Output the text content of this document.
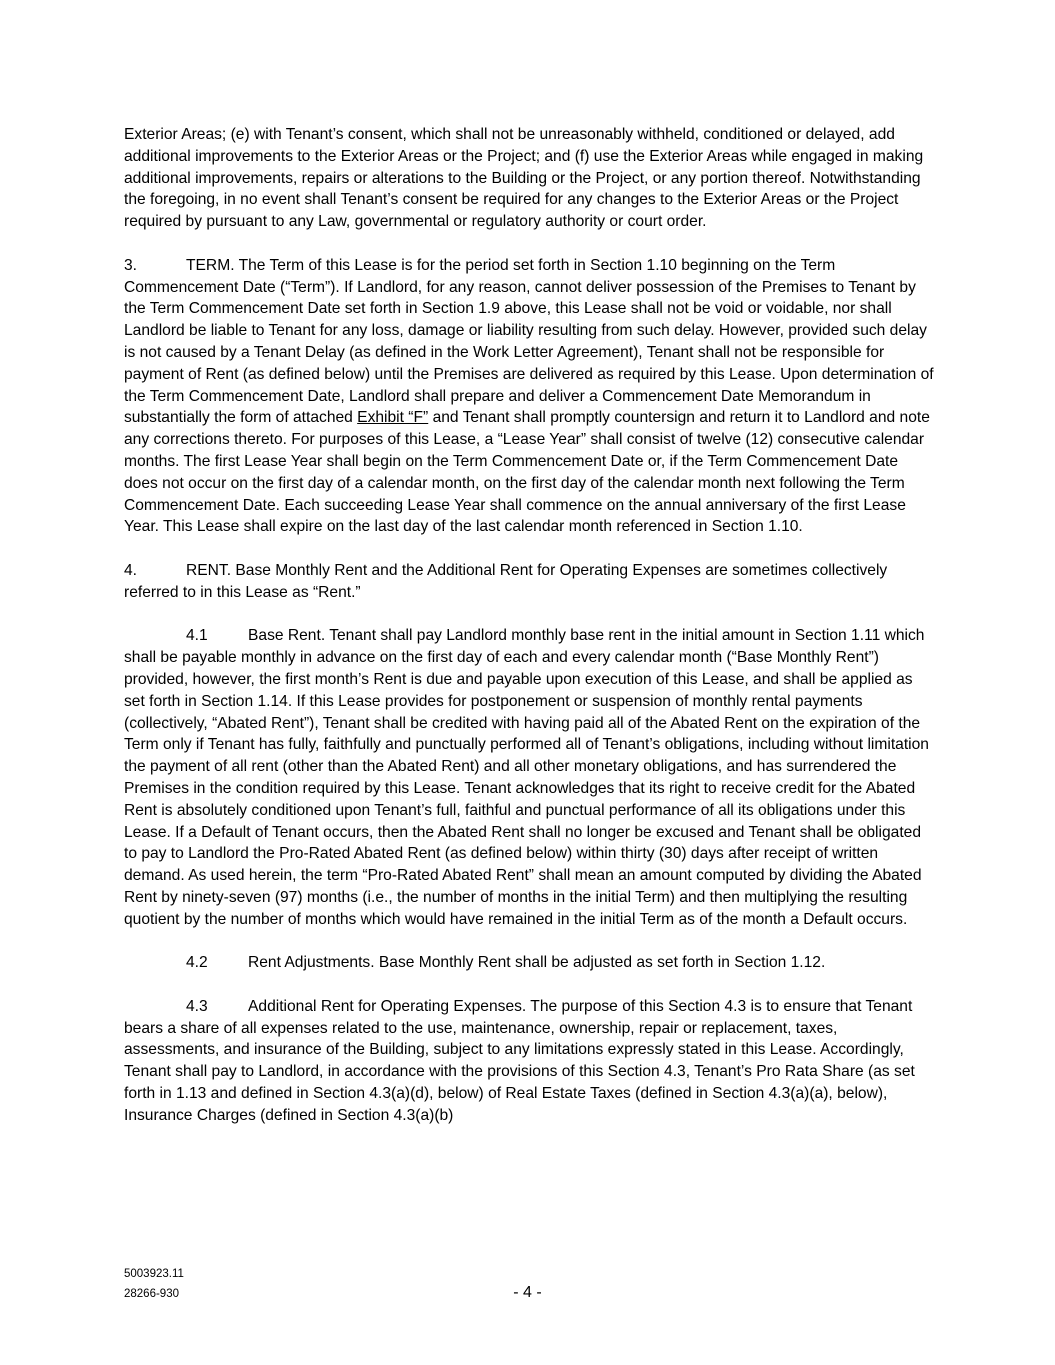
Exterior Areas; (e) with Tenant’s consent, which shall not be unreasonably withheld, conditioned or delayed, add additional improvements to the Exterior Areas or the Project; and (f) use the Exterior Areas while engaged in making additional improvements, repairs or alterations to the Building or the Project, or any portion thereof. Notwithstanding the foregoing, in no event shall Tenant’s consent be required for any changes to the Exterior Areas or the Project required by pursuant to any Law, governmental or regulatory authority or court order.

3.	TERM. The Term of this Lease is for the period set forth in Section 1.10 beginning on the Term Commencement Date (“Term”). If Landlord, for any reason, cannot deliver possession of the Premises to Tenant by the Term Commencement Date set forth in Section 1.9 above, this Lease shall not be void or voidable, nor shall Landlord be liable to Tenant for any loss, damage or liability resulting from such delay. However, provided such delay is not caused by a Tenant Delay (as defined in the Work Letter Agreement), Tenant shall not be responsible for payment of Rent (as defined below) until the Premises are delivered as required by this Lease. Upon determination of the Term Commencement Date, Landlord shall prepare and deliver a Commencement Date Memorandum in substantially the form of attached Exhibit “F” and Tenant shall promptly countersign and return it to Landlord and note any corrections thereto. For purposes of this Lease, a “Lease Year” shall consist of twelve (12) consecutive calendar months. The first Lease Year shall begin on the Term Commencement Date or, if the Term Commencement Date does not occur on the first day of a calendar month, on the first day of the calendar month next following the Term Commencement Date. Each succeeding Lease Year shall commence on the annual anniversary of the first Lease Year. This Lease shall expire on the last day of the last calendar month referenced in Section 1.10.

4.	RENT. Base Monthly Rent and the Additional Rent for Operating Expenses are sometimes collectively referred to in this Lease as “Rent.”

4.1	Base Rent. Tenant shall pay Landlord monthly base rent in the initial amount in Section 1.11 which shall be payable monthly in advance on the first day of each and every calendar month (“Base Monthly Rent”) provided, however, the first month’s Rent is due and payable upon execution of this Lease, and shall be applied as set forth in Section 1.14. If this Lease provides for postponement or suspension of monthly rental payments (collectively, “Abated Rent”), Tenant shall be credited with having paid all of the Abated Rent on the expiration of the Term only if Tenant has fully, faithfully and punctually performed all of Tenant’s obligations, including without limitation the payment of all rent (other than the Abated Rent) and all other monetary obligations, and has surrendered the Premises in the condition required by this Lease. Tenant acknowledges that its right to receive credit for the Abated Rent is absolutely conditioned upon Tenant’s full, faithful and punctual performance of all its obligations under this Lease. If a Default of Tenant occurs, then the Abated Rent shall no longer be excused and Tenant shall be obligated to pay to Landlord the Pro-Rated Abated Rent (as defined below) within thirty (30) days after receipt of written demand. As used herein, the term “Pro-Rated Abated Rent” shall mean an amount computed by dividing the Abated Rent by ninety-seven (97) months (i.e., the number of months in the initial Term) and then multiplying the resulting quotient by the number of months which would have remained in the initial Term as of the month a Default occurs.

4.2	Rent Adjustments. Base Monthly Rent shall be adjusted as set forth in Section 1.12.

4.3	Additional Rent for Operating Expenses. The purpose of this Section 4.3 is to ensure that Tenant bears a share of all expenses related to the use, maintenance, ownership, repair or replacement, taxes, assessments, and insurance of the Building, subject to any limitations expressly stated in this Lease. Accordingly, Tenant shall pay to Landlord, in accordance with the provisions of this Section 4.3, Tenant’s Pro Rata Share (as set forth in 1.13 and defined in Section 4.3(a)(d), below) of Real Estate Taxes (defined in Section 4.3(a)(a), below), Insurance Charges (defined in Section 4.3(a)(b)

5003923.11
28266-930	- 4 -
